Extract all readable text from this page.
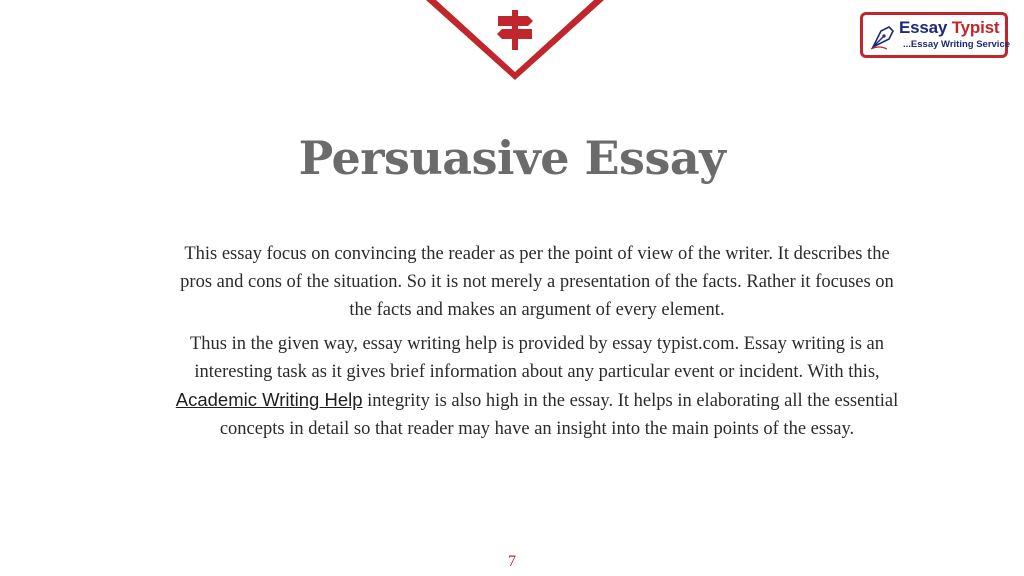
Essay Typist
...Essay Writing Service
Persuasive Essay

This essay focus on convincing the reader as per the point of view of the writer. It describes the pros and cons of the situation. So it is not merely a presentation of the facts. Rather it focuses on the facts and makes an argument of every element.

Thus in the given way, essay writing help is provided by essay typist.com. Essay writing is an interesting task as it gives brief information about any particular event or incident. With this, Academic Writing Help integrity is also high in the essay. It helps in elaborating all the essential concepts in detail so that reader may have an insight into the main points of the essay.

7
